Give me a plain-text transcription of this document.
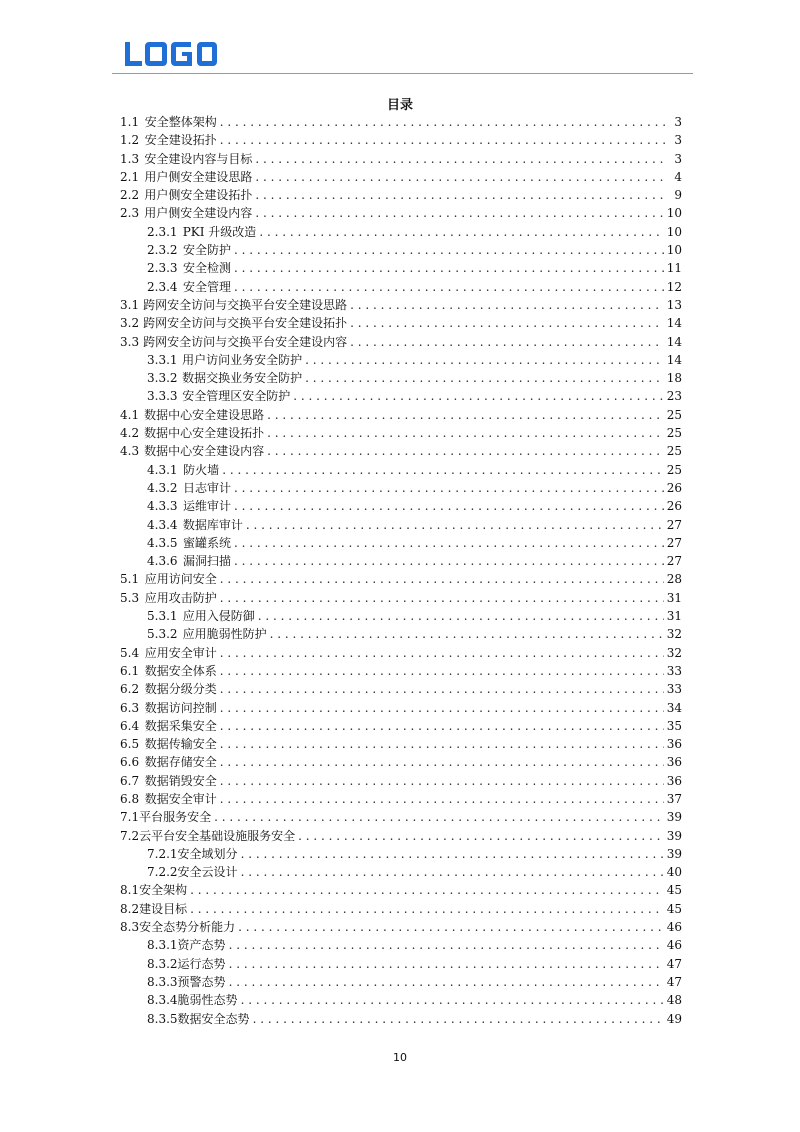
目录
1.1 安全整体架构 . . .	3
1.2 安全建设拓扑 . . .	3
1.3 安全建设内容与目标 . . .	3
2.1 用户侧安全建设思路 . . .	4
2.2 用户侧安全建设拓扑 . . .	9
2.3 用户侧安全建设内容 . . .	10
2.3.1 PKI 升级改造 . . .	10
2.3.2 安全防护 . . .	10
2.3.3 安全检测 . . .	11
2.3.4 安全管理 . . .	12
3.1 跨网安全访问与交换平台安全建设思路 . . .	13
3.2 跨网安全访问与交换平台安全建设拓扑 . . .	14
3.3 跨网安全访问与交换平台安全建设内容 . . .	14
3.3.1 用户访问业务安全防护 . . .	14
3.3.2 数据交换业务安全防护 . . .	18
3.3.3 安全管理区安全防护 . . .	23
4.1 数据中心安全建设思路 . . .	25
4.2 数据中心安全建设拓扑 . . .	25
4.3 数据中心安全建设内容 . . .	25
4.3.1 防火墙 . . .	25
4.3.2 日志审计 . . .	26
4.3.3 运维审计 . . .	26
4.3.4 数据库审计 . . .	27
4.3.5 蜜罐系统 . . .	27
4.3.6 漏洞扫描 . . .	27
5.1 应用访问安全 . . .	28
5.3 应用攻击防护 . . .	31
5.3.1 应用入侵防御 . . .	31
5.3.2 应用脆弱性防护 . . .	32
5.4 应用安全审计 . . .	32
6.1 数据安全体系 . . .	33
6.2 数据分级分类 . . .	33
6.3 数据访问控制 . . .	34
6.4 数据采集安全 . . .	35
6.5 数据传输安全 . . .	36
6.6 数据存储安全 . . .	36
6.7 数据销毁安全 . . .	36
6.8 数据安全审计 . . .	37
7.1 平台服务安全 . . .	39
7.2 云平台安全基础设施服务安全 . . .	39
7.2.1 安全域划分 . . .	39
7.2.2 安全云设计 . . .	40
8.1 安全架构 . . .	45
8.2 建设目标 . . .	45
8.3 安全态势分析能力 . . .	46
8.3.1 资产态势 . . .	46
8.3.2 运行态势 . . .	47
8.3.3 预警态势 . . .	47
8.3.4 脆弱性态势 . . .	48
8.3.5 数据安全态势 . . .	49
10
